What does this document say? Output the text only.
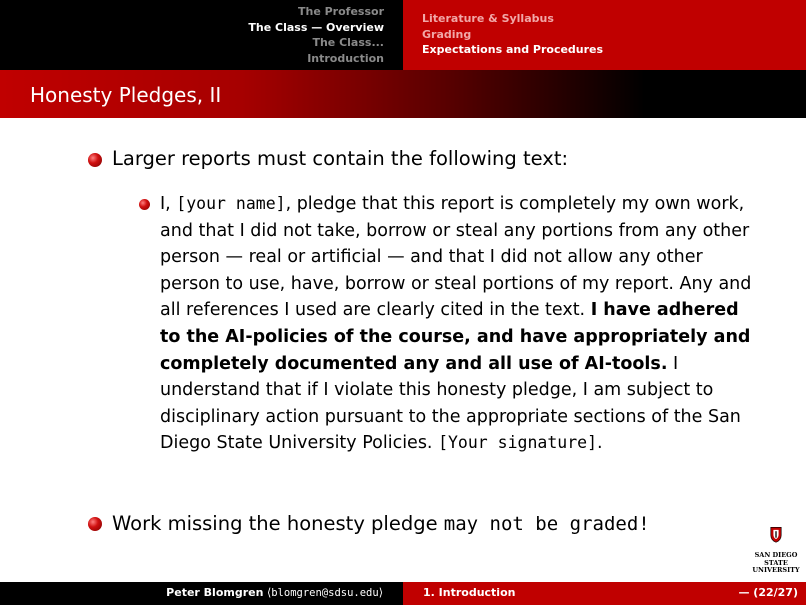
The Professor
The Class — Overview
The Class...
Introduction
Literature & Syllabus
Grading
Expectations and Procedures
Honesty Pledges, II

Larger reports must contain the following text:

I, [your name], pledge that this report is completely my own work, and that I did not take, borrow or steal any portions from any other person — real or artificial — and that I did not allow any other person to use, have, borrow or steal portions of my report. Any and all references I used are clearly cited in the text. I have adhered to the AI-policies of the course, and have appropriately and completely documented any and all use of AI-tools. I understand that if I violate this honesty pledge, I am subject to disciplinary action pursuant to the appropriate sections of the San Diego State University Policies. [Your signature].

Work missing the honesty pledge may not be graded!

SAN DIEGO STATE
UNIVERSITY

Peter Blomgren ⟨blomgren@sdsu.edu⟩	1. Introduction	— (22/27)
